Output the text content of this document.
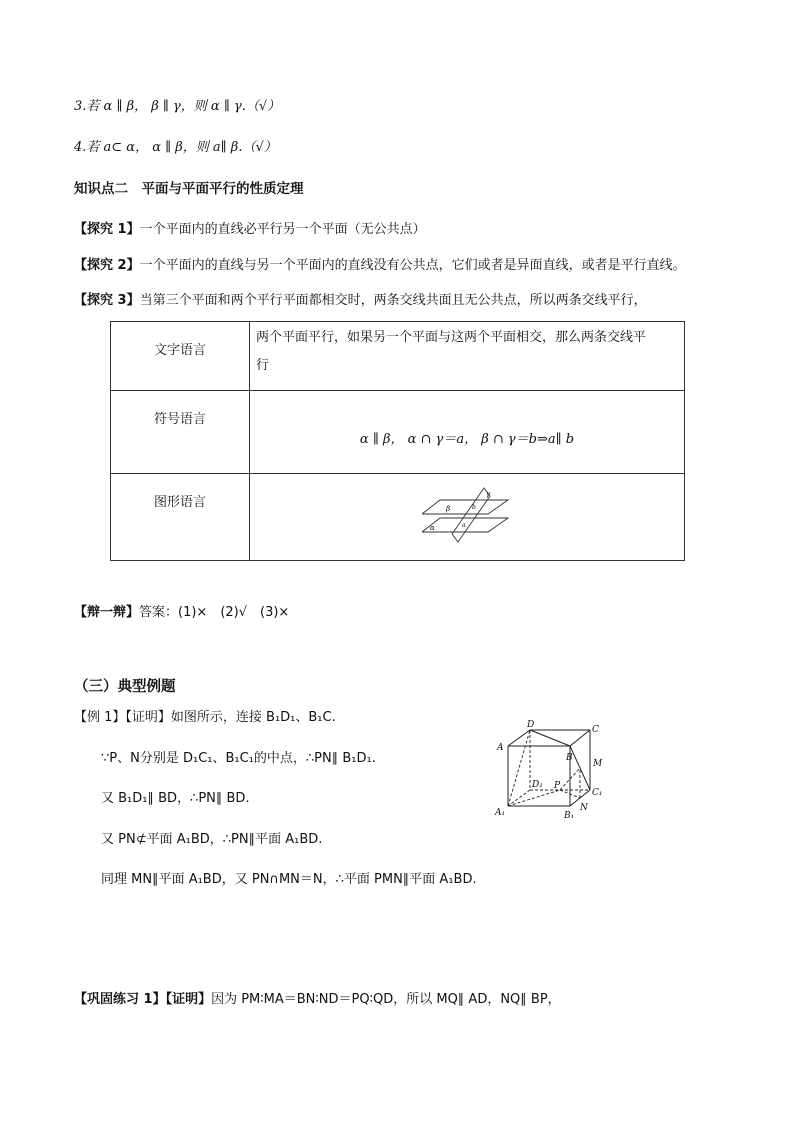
3.若 α ∥ β， β ∥ γ，则 α ∥ γ.（√）
4.若 a⊂ α， α ∥ β，则 a∥ β.（√）
知识点二　平面与平面平行的性质定理
【探究 1】一个平面内的直线必平行另一个平面（无公共点）
【探究 2】一个平面内的直线与另一个平面内的直线没有公共点，它们或者是异面直线，或者是平行直线。
【探究 3】当第三个平面和两个平行平面都相交时，两条交线共面且无公共点，所以两条交线平行，
文字语言	两个平面平行，如果另一个平面与这两个平面相交，那么两条交线平
行

符号语言	α ∥ β， α ∩ γ＝a， β ∩ γ＝b⇒a∥ b
图形语言	β
γ
α a
b
【辩一辩】答案：(1)×　(2)√　(3)×
（三）典型例题
【例 1】【证明】如图所示，连接 B₁D₁、B₁C.
∵P、N分别是 D₁C₁、B₁C₁的中点，∴PN∥ B₁D₁.
又 B₁D₁∥ BD，∴PN∥ BD.
又 PN⊄平面 A₁BD，∴PN∥平面 A₁BD.
同理 MN∥平面 A₁BD，又 PN∩MN＝N，∴平面 PMN∥平面 A₁BD.
A
D	C
B
M
D₁ P
C₁
A₁	B₁
N
【巩固练习 1】【证明】因为 PM∶MA＝BN∶ND＝PQ∶QD，所以 MQ∥ AD，NQ∥ BP，
